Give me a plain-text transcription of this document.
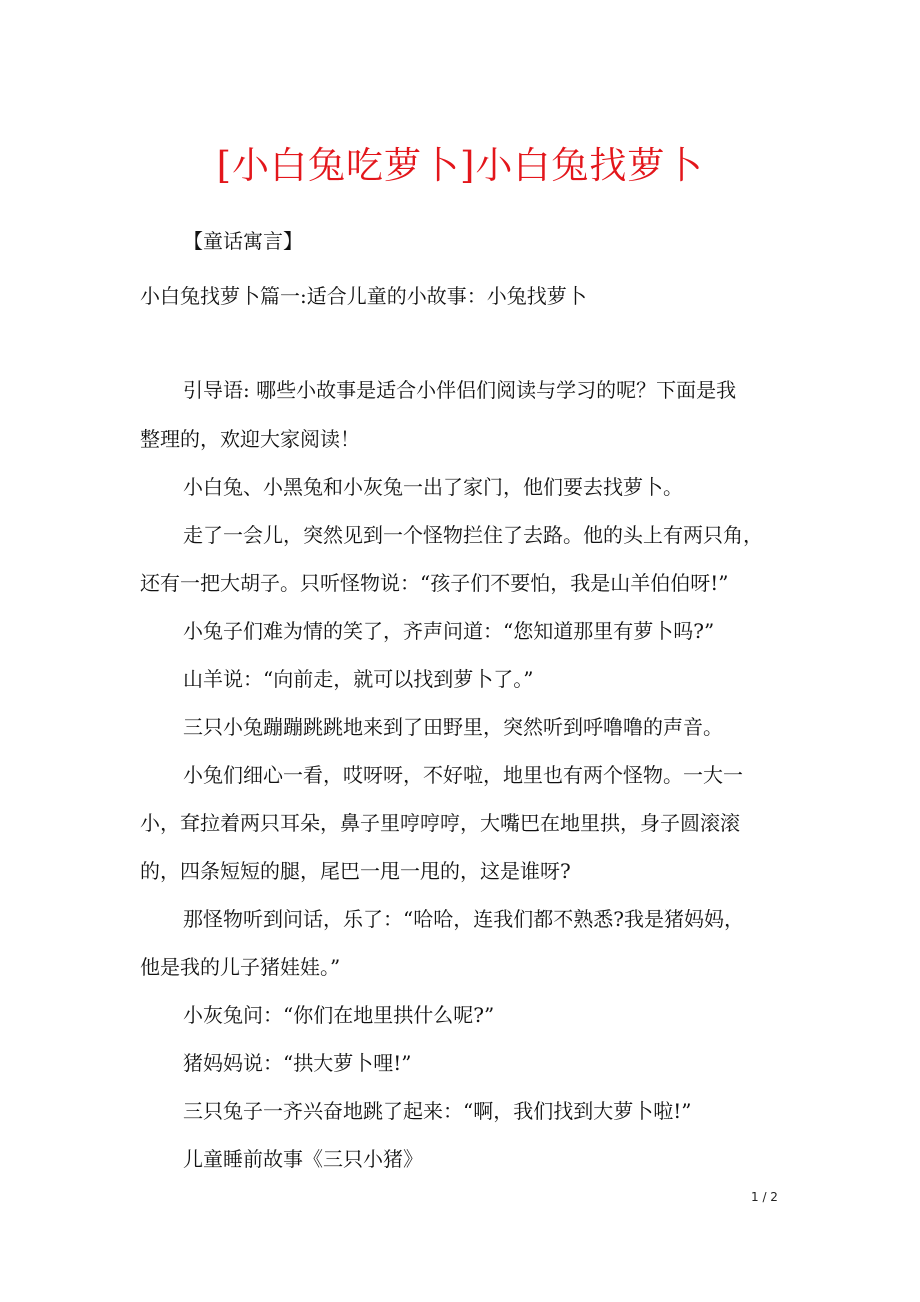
[小白兔吃萝卜]小白兔找萝卜
【童话寓言】
小白兔找萝卜篇一:适合儿童的小故事：小兔找萝卜
引导语: 哪些小故事是适合小伴侣们阅读与学习的呢？下面是我
整理的，欢迎大家阅读！
小白兔、小黑兔和小灰兔一出了家门，他们要去找萝卜。
走了一会儿，突然见到一个怪物拦住了去路。他的头上有两只角，
还有一把大胡子。只听怪物说：“孩子们不要怕，我是山羊伯伯呀!”
小兔子们难为情的笑了，齐声问道：“您知道那里有萝卜吗?”
山羊说：“向前走，就可以找到萝卜了。”
三只小兔蹦蹦跳跳地来到了田野里，突然听到呼噜噜的声音。
小兔们细心一看，哎呀呀，不好啦，地里也有两个怪物。一大一
小，耷拉着两只耳朵，鼻子里哼哼哼，大嘴巴在地里拱，身子圆滚滚
的，四条短短的腿，尾巴一甩一甩的，这是谁呀?
那怪物听到问话，乐了：“哈哈，连我们都不熟悉?我是猪妈妈，
他是我的儿子猪娃娃。”
小灰兔问：“你们在地里拱什么呢?”
猪妈妈说：“拱大萝卜哩!”
三只兔子一齐兴奋地跳了起来：“啊，我们找到大萝卜啦!”
儿童睡前故事《三只小猪》
1 / 2
